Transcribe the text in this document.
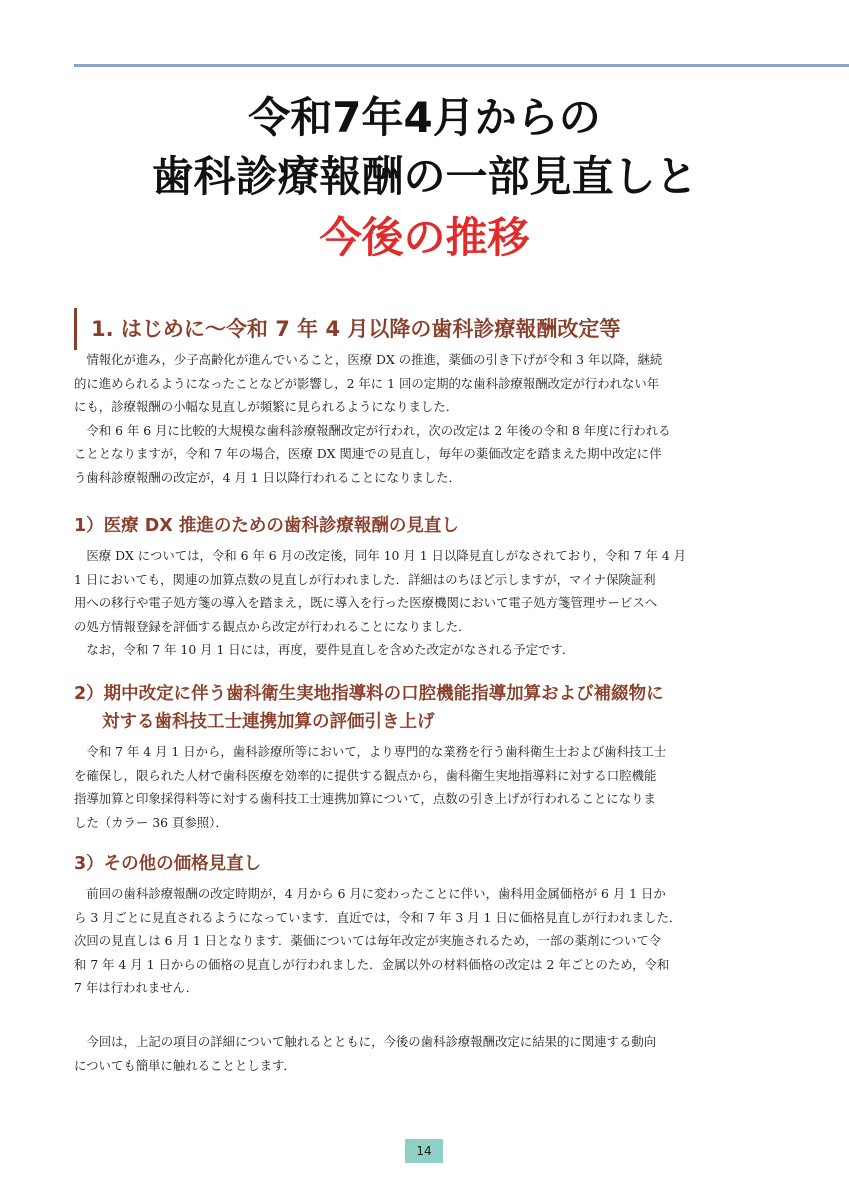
令和7年4月からの
歯科診療報酬の一部見直しと
今後の推移
1. はじめに～令和 7 年 4 月以降の歯科診療報酬改定等
　情報化が進み，少子高齢化が進んでいること，医療 DX の推進，薬価の引き下げが令和 3 年以降，継続
的に進められるようになったことなどが影響し，2 年に 1 回の定期的な歯科診療報酬改定が行われない年
にも，診療報酬の小幅な見直しが頻繁に見られるようになりました．
　令和 6 年 6 月に比較的大規模な歯科診療報酬改定が行われ，次の改定は 2 年後の令和 8 年度に行われる
こととなりますが，令和 7 年の場合，医療 DX 関連での見直し，毎年の薬価改定を踏まえた期中改定に伴
う歯科診療報酬の改定が，4 月 1 日以降行われることになりました．
1）医療 DX 推進のための歯科診療報酬の見直し
　医療 DX については，令和 6 年 6 月の改定後，同年 10 月 1 日以降見直しがなされており，令和 7 年 4 月
1 日においても，関連の加算点数の見直しが行われました．詳細はのちほど示しますが，マイナ保険証利
用への移行や電子処方箋の導入を踏まえ，既に導入を行った医療機関において電子処方箋管理サービスへ
の処方情報登録を評価する観点から改定が行われることになりました．
　なお，令和 7 年 10 月 1 日には，再度，要件見直しを含めた改定がなされる予定です．
2）期中改定に伴う歯科衛生実地指導料の口腔機能指導加算および補綴物に
対する歯科技工士連携加算の評価引き上げ
　令和 7 年 4 月 1 日から，歯科診療所等において，より専門的な業務を行う歯科衛生士および歯科技工士
を確保し，限られた人材で歯科医療を効率的に提供する観点から，歯科衛生実地指導料に対する口腔機能
指導加算と印象採得料等に対する歯科技工士連携加算について，点数の引き上げが行われることになりま
した（カラー 36 頁参照）．
3）その他の価格見直し
　前回の歯科診療報酬の改定時期が，4 月から 6 月に変わったことに伴い，歯科用金属価格が 6 月 1 日か
ら 3 月ごとに見直されるようになっています．直近では，令和 7 年 3 月 1 日に価格見直しが行われました．
次回の見直しは 6 月 1 日となります．薬価については毎年改定が実施されるため，一部の薬剤について令
和 7 年 4 月 1 日からの価格の見直しが行われました．金属以外の材料価格の改定は 2 年ごとのため，令和
7 年は行われません．
　今回は，上記の項目の詳細について触れるとともに，今後の歯科診療報酬改定に結果的に関連する動向
についても簡単に触れることとします．
14
